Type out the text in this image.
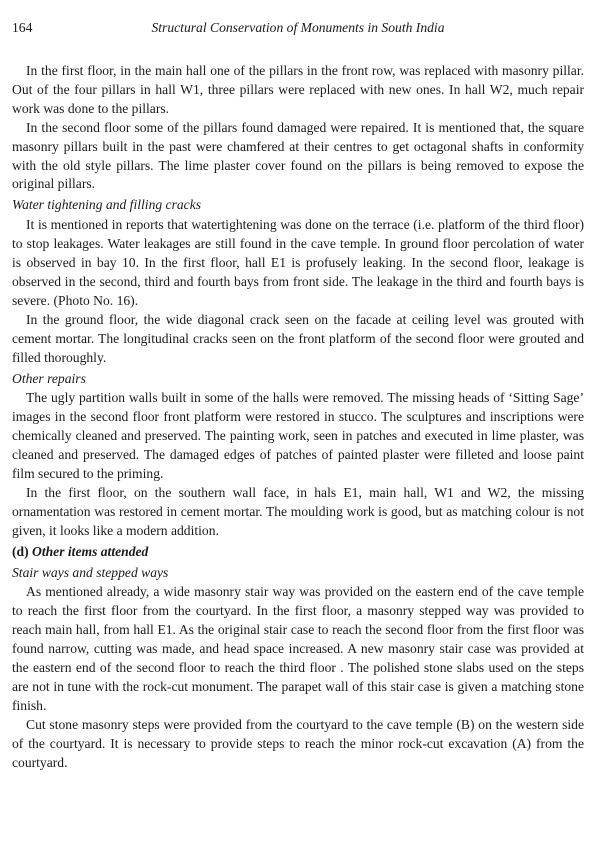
164	Structural Conservation of Monuments in South India

In the first floor, in the main hall one of the pillars in the front row, was replaced with masonry pillar. Out of the four pillars in hall W1, three pillars were replaced with new ones. In hall W2, much repair work was done to the pillars.

In the second floor some of the pillars found damaged were repaired. It is mentioned that, the square masonry pillars built in the past were chamfered at their centres to get octagonal shafts in conformity with the old style pillars. The lime plaster cover found on the pillars is being removed to expose the original pillars.

Water tightening and filling cracks

It is mentioned in reports that watertightening was done on the terrace (i.e. platform of the third floor) to stop leakages. Water leakages are still found in the cave temple. In ground floor percolation of water is observed in bay 10. In the first floor, hall E1 is profusely leaking. In the second floor, leakage is observed in the second, third and fourth bays from front side. The leakage in the third and fourth bays is severe. (Photo No. 16).

In the ground floor, the wide diagonal crack seen on the facade at ceiling level was grouted with cement mortar. The longitudinal cracks seen on the front platform of the second floor were grouted and filled thoroughly.

Other repairs

The ugly partition walls built in some of the halls were removed. The missing heads of ‘Sitting Sage’ images in the second floor front platform were restored in stucco. The sculptures and inscriptions were chemically cleaned and preserved. The painting work, seen in patches and executed in lime plaster, was cleaned and preserved. The damaged edges of patches of painted plaster were filleted and loose paint film secured to the priming.

In the first floor, on the southern wall face, in hals E1, main hall, W1 and W2, the missing ornamentation was restored in cement mortar. The moulding work is good, but as matching colour is not given, it looks like a modern addition.

(d) Other items attended
Stair ways and stepped ways

As mentioned already, a wide masonry stair way was provided on the eastern end of the cave temple to reach the first floor from the courtyard. In the first floor, a masonry stepped way was provided to reach main hall, from hall E1. As the original stair case to reach the second floor from the first floor was found narrow, cutting was made, and head space increased. A new masonry stair case was provided at the eastern end of the second floor to reach the third floor . The polished stone slabs used on the steps are not in tune with the rock-cut monument. The parapet wall of this stair case is given a matching stone finish.

Cut stone masonry steps were provided from the courtyard to the cave temple (B) on the western side of the courtyard. It is necessary to provide steps to reach the minor rock-cut excavation (A) from the courtyard.
